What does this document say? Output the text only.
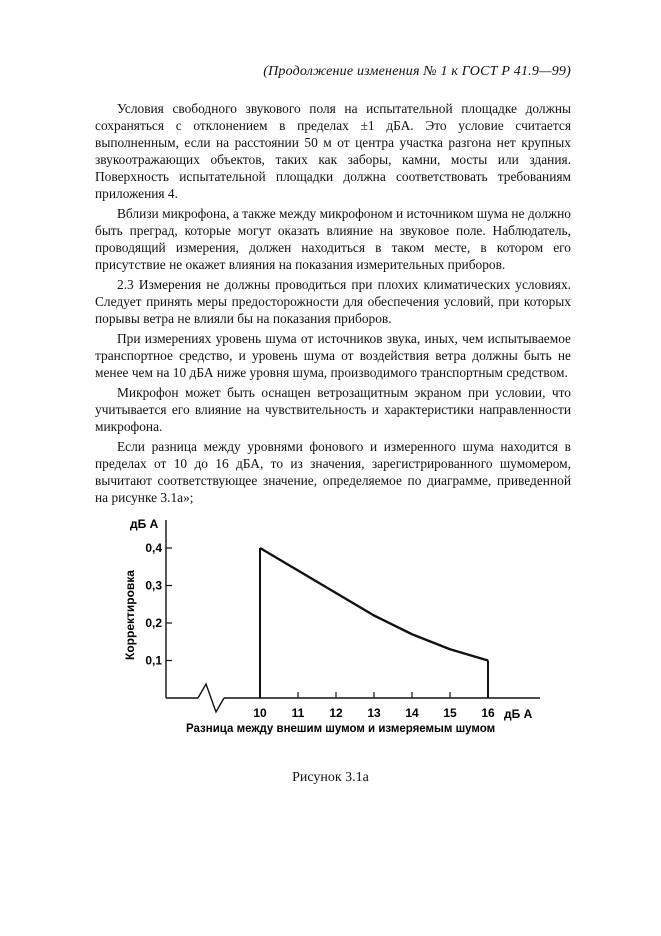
(Продолжение изменения № 1 к ГОСТ Р 41.9—99)

Условия свободного звукового поля на испытательной площадке должны сохраняться с отклонением в пределах ±1 дБА. Это условие считается выполненным, если на расстоянии 50 м от центра участка разгона нет крупных звукоотражающих объектов, таких как заборы, камни, мосты или здания. Поверхность испытательной площадки должна соответствовать требованиям приложения 4.

Вблизи микрофона, а также между микрофоном и источником шума не должно быть преград, которые могут оказать влияние на звуковое поле. Наблюдатель, проводящий измерения, должен находиться в таком месте, в котором его присутствие не окажет влияния на показания измерительных приборов.

2.3 Измерения не должны проводиться при плохих климатических условиях. Следует принять меры предосторожности для обеспечения условий, при которых порывы ветра не влияли бы на показания приборов.

При измерениях уровень шума от источников звука, иных, чем испытываемое транспортное средство, и уровень шума от воздействия ветра должны быть не менее чем на 10 дБА ниже уровня шума, производимого транспортным средством.

Микрофон может быть оснащен ветрозащитным экраном при условии, что учитывается его влияние на чувствительность и характеристики направленности микрофона.

Если разница между уровнями фонового и измеренного шума находится в пределах от 10 до 16 дБА, то из значения, зарегистрированного шумомером, вычитают соответствующее значение, определяемое по диаграмме, приведенной на рисунке 3.1а»;

дБ А
дБ А
Корректировка
Разница между внешим шумом и измеряемым шумом
0,4
0,3
0,2
0,1
10 11 12 13 14 15 16
Рисунок 3.1а
